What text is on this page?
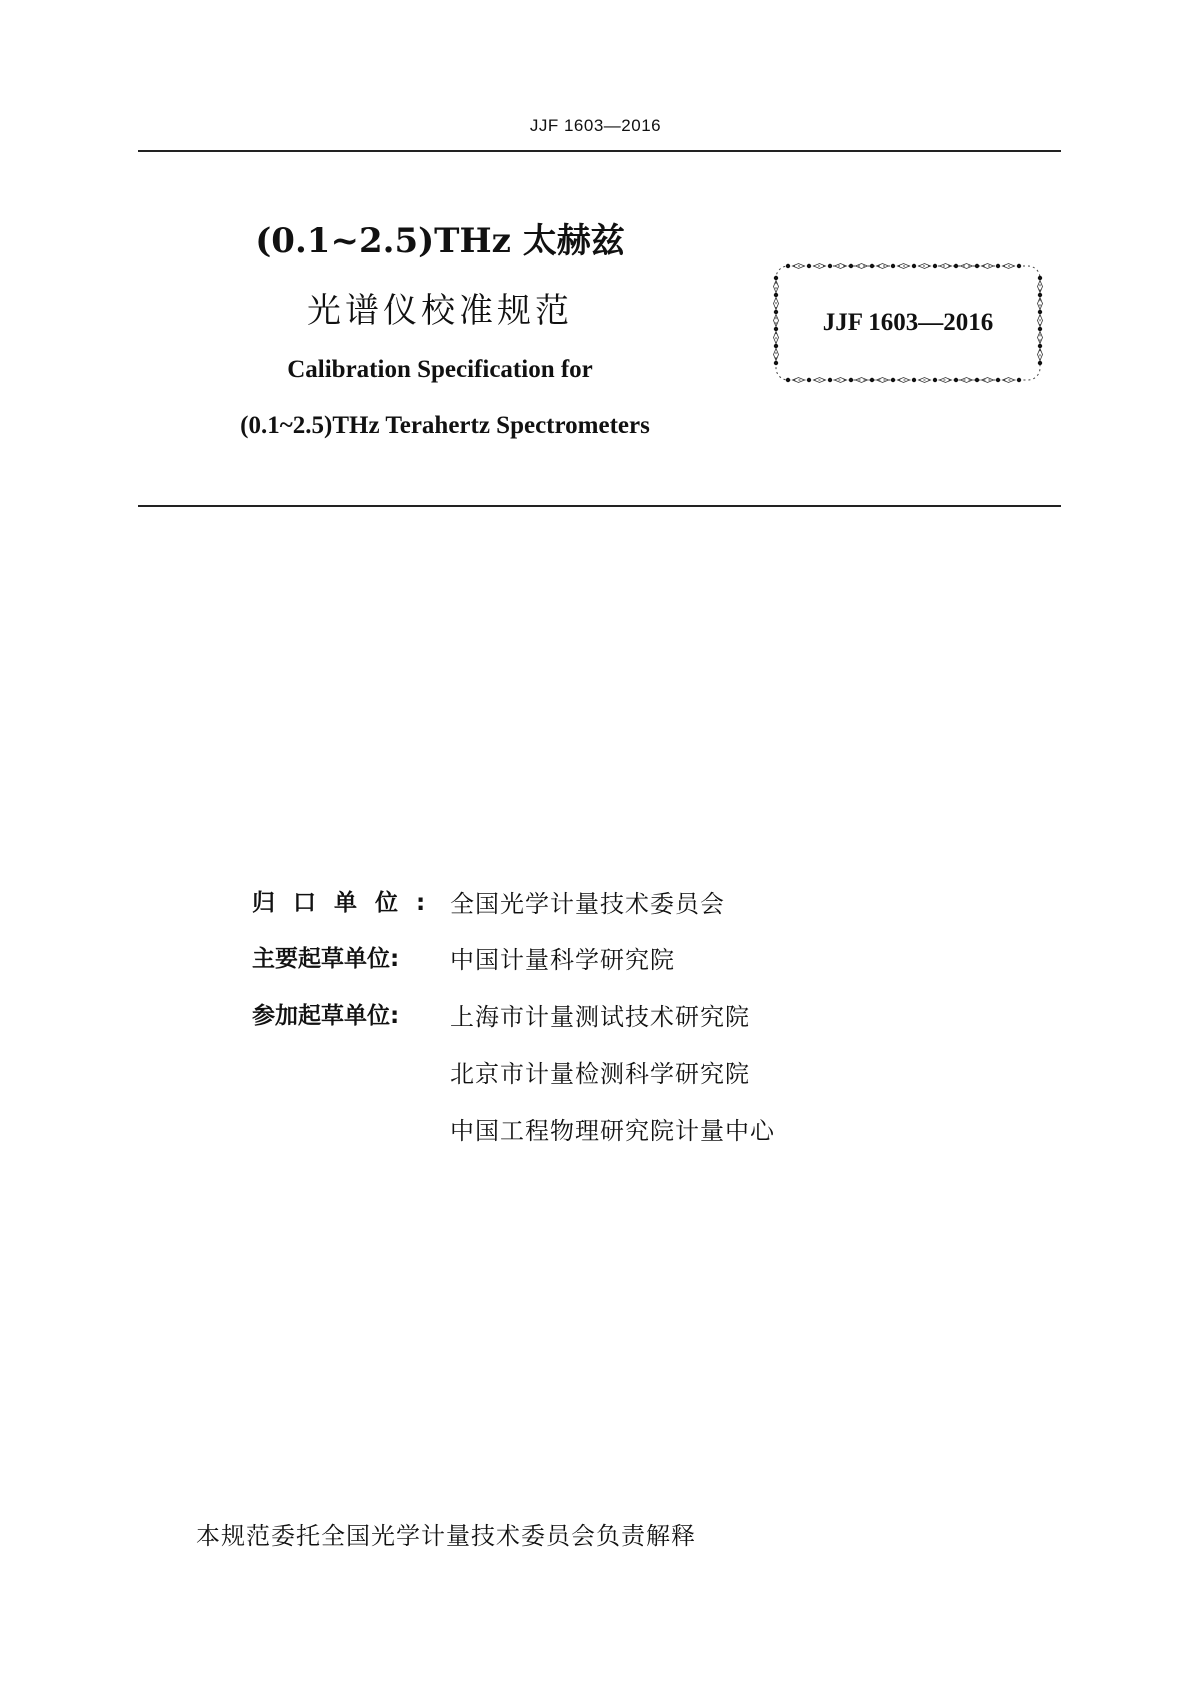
JJF 1603—2016
(0.1~2.5)THz 太赫兹
光谱仪校准规范
Calibration Specification for
(0.1~2.5)THz Terahertz Spectrometers
JJF 1603—2016
归口单位: 全国光学计量技术委员会
主要起草单位:	中国计量科学研究院
参加起草单位:	上海市计量测试技术研究院
北京市计量检测科学研究院
中国工程物理研究院计量中心
本规范委托全国光学计量技术委员会负责解释
